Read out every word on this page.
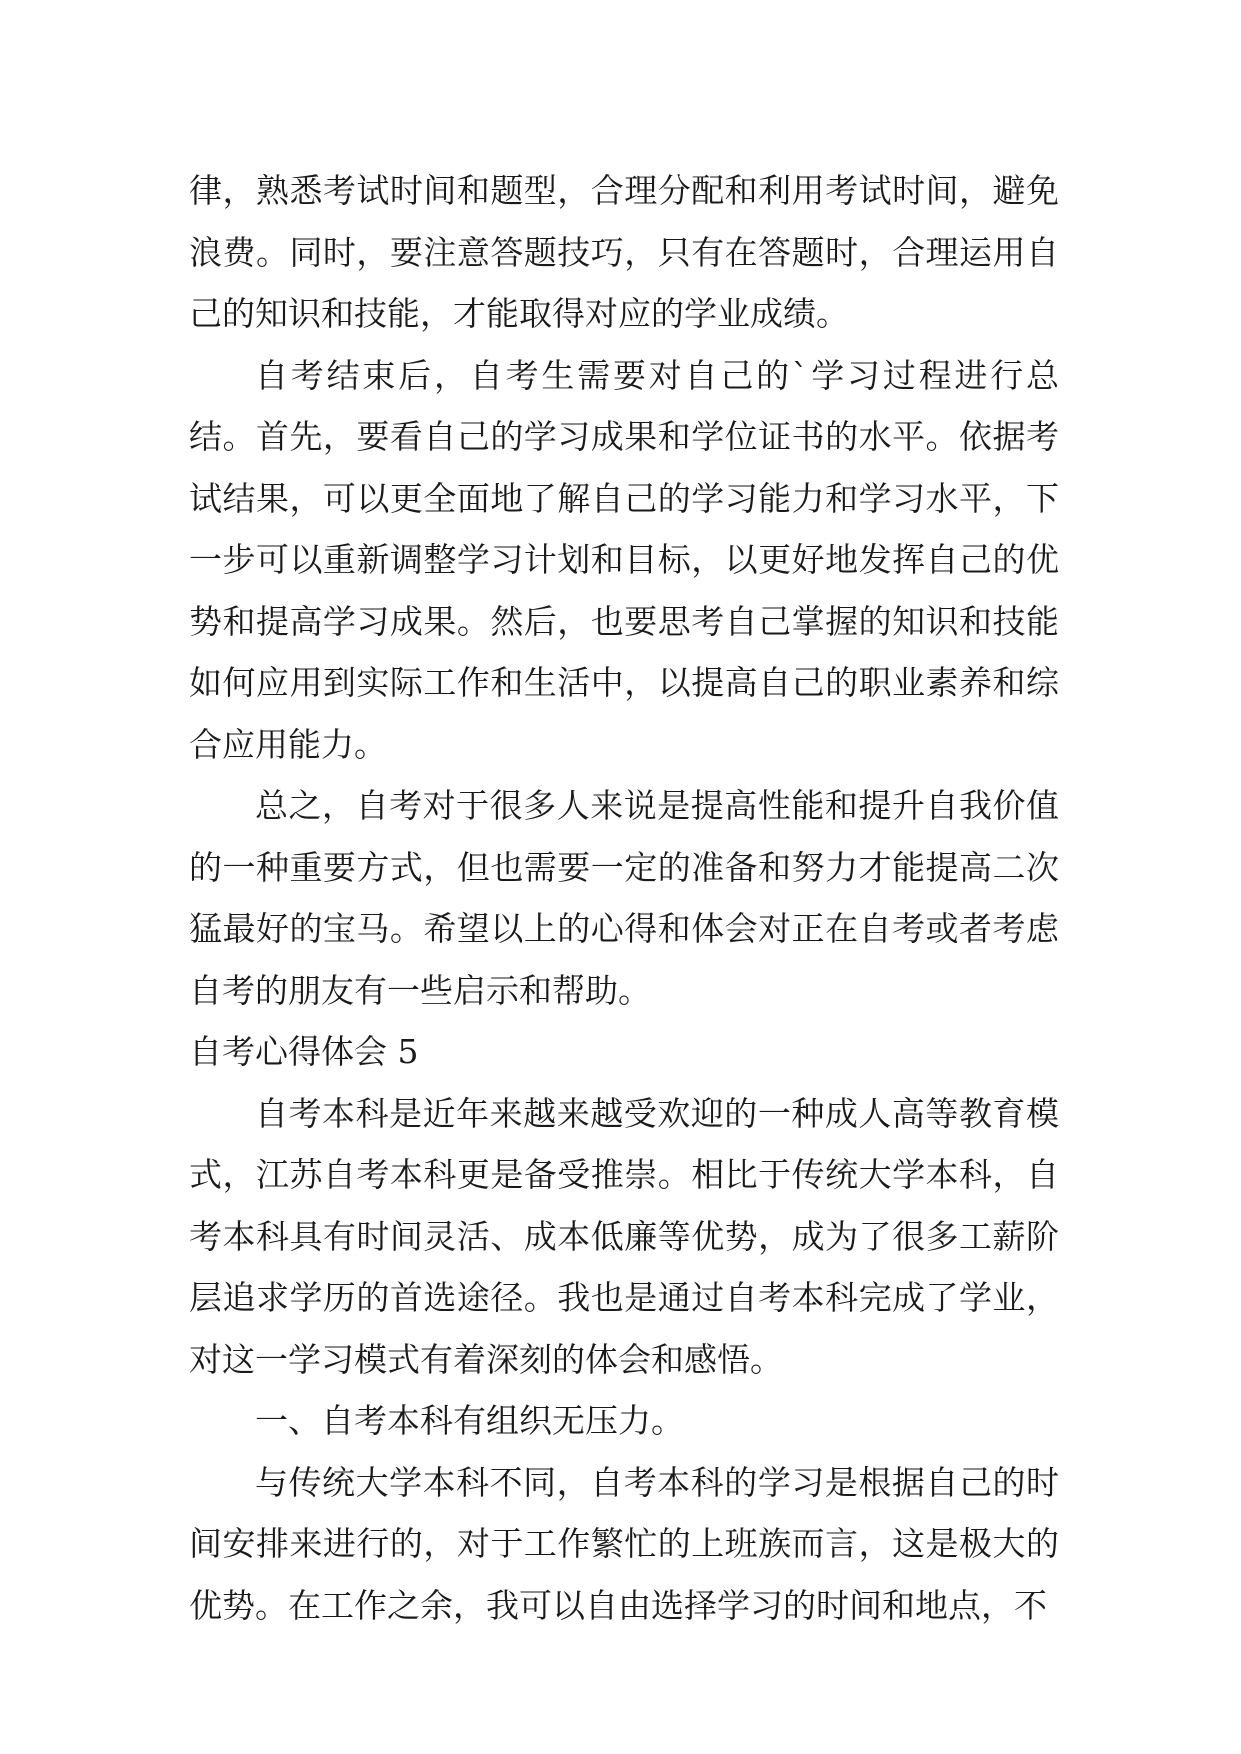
律，熟悉考试时间和题型，合理分配和利用考试时间，避免浪费。同时，要注意答题技巧，只有在答题时，合理运用自己的知识和技能，才能取得对应的学业成绩。

自考结束后，自考生需要对自己的`学习过程进行总结。首先，要看自己的学习成果和学位证书的水平。依据考试结果，可以更全面地了解自己的学习能力和学习水平，下一步可以重新调整学习计划和目标，以更好地发挥自己的优势和提高学习成果。然后，也要思考自己掌握的知识和技能如何应用到实际工作和生活中，以提高自己的职业素养和综合应用能力。

总之，自考对于很多人来说是提高性能和提升自我价值的一种重要方式，但也需要一定的准备和努力才能提高二次猛最好的宝马。希望以上的心得和体会对正在自考或者考虑自考的朋友有一些启示和帮助。

自考心得体会 5

自考本科是近年来越来越受欢迎的一种成人高等教育模式，江苏自考本科更是备受推崇。相比于传统大学本科，自考本科具有时间灵活、成本低廉等优势，成为了很多工薪阶层追求学历的首选途径。我也是通过自考本科完成了学业，对这一学习模式有着深刻的体会和感悟。

一、自考本科有组织无压力。

与传统大学本科不同，自考本科的学习是根据自己的时间安排来进行的，对于工作繁忙的上班族而言，这是极大的优势。在工作之余，我可以自由选择学习的时间和地点，不
